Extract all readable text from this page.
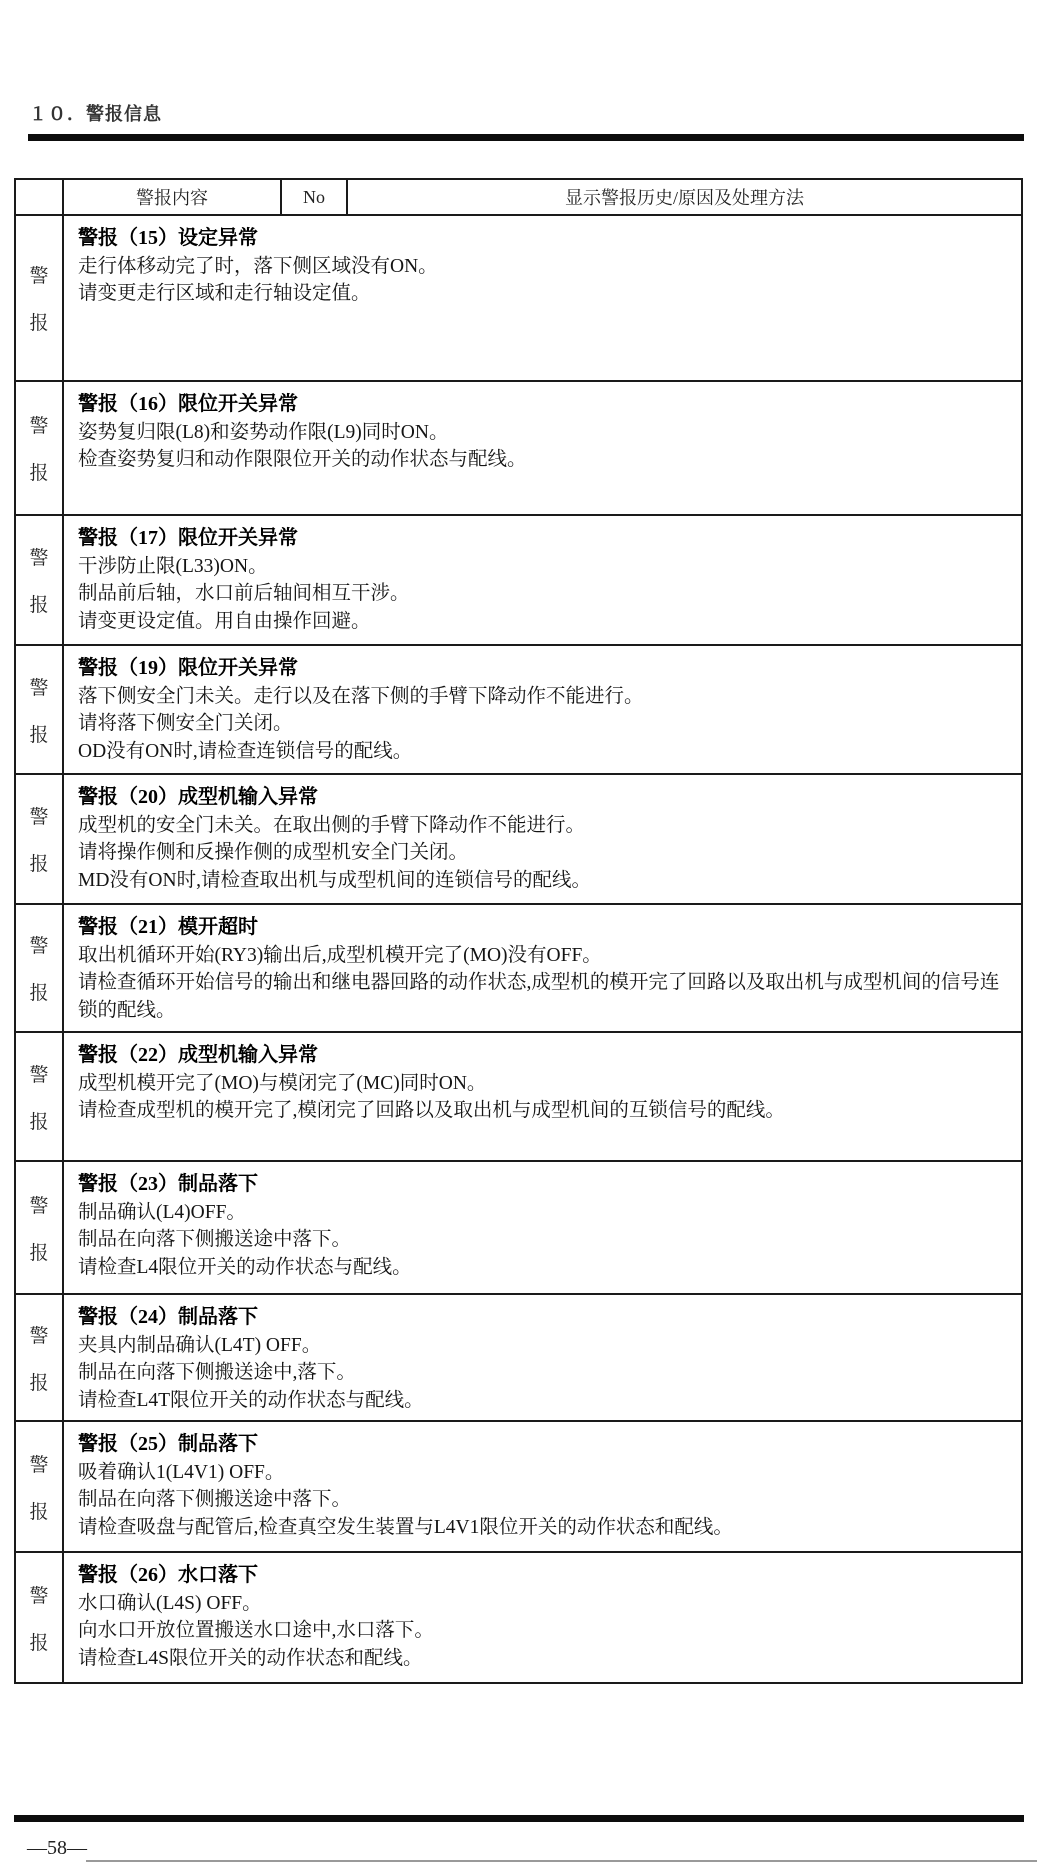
１０．警报信息
警报内容	No	显示警报历史/原因及处理方法
警
报
警报（15）设定异常
走行体移动完了时，落下侧区域没有ON。
请变更走行区域和走行轴设定值。
警
报
警报（16）限位开关异常
姿势复归限(L8)和姿势动作限(L9)同时ON。
检查姿势复归和动作限限位开关的动作状态与配线。
警
报
警报（17）限位开关异常
干涉防止限(L33)ON。
制品前后轴，水口前后轴间相互干涉。
请变更设定值。用自由操作回避。
警
报
警报（19）限位开关异常
落下侧安全门未关。走行以及在落下侧的手臂下降动作不能进行。
请将落下侧安全门关闭。
OD没有ON时,请检查连锁信号的配线。
警
报
警报（20）成型机输入异常
成型机的安全门未关。在取出侧的手臂下降动作不能进行。
请将操作侧和反操作侧的成型机安全门关闭。
MD没有ON时,请检查取出机与成型机间的连锁信号的配线。
警
报
警报（21）模开超时
取出机循环开始(RY3)输出后,成型机模开完了(MO)没有OFF。
请检查循环开始信号的输出和继电器回路的动作状态,成型机的模开完了回路以及取出机与成型机间的信号连锁的配线。
警
报
警报（22）成型机输入异常
成型机模开完了(MO)与模闭完了(MC)同时ON。
请检查成型机的模开完了,模闭完了回路以及取出机与成型机间的互锁信号的配线。
警
报
警报（23）制品落下
制品确认(L4)OFF。
制品在向落下侧搬送途中落下。
请检查L4限位开关的动作状态与配线。
警
报
警报（24）制品落下
夹具内制品确认(L4T) OFF。
制品在向落下侧搬送途中,落下。
请检查L4T限位开关的动作状态与配线。
警
报
警报（25）制品落下
吸着确认1(L4V1) OFF。
制品在向落下侧搬送途中落下。
请检查吸盘与配管后,检查真空发生装置与L4V1限位开关的动作状态和配线。
警
报
警报（26）水口落下
水口确认(L4S) OFF。
向水口开放位置搬送水口途中,水口落下。
请检查L4S限位开关的动作状态和配线。
—58—
